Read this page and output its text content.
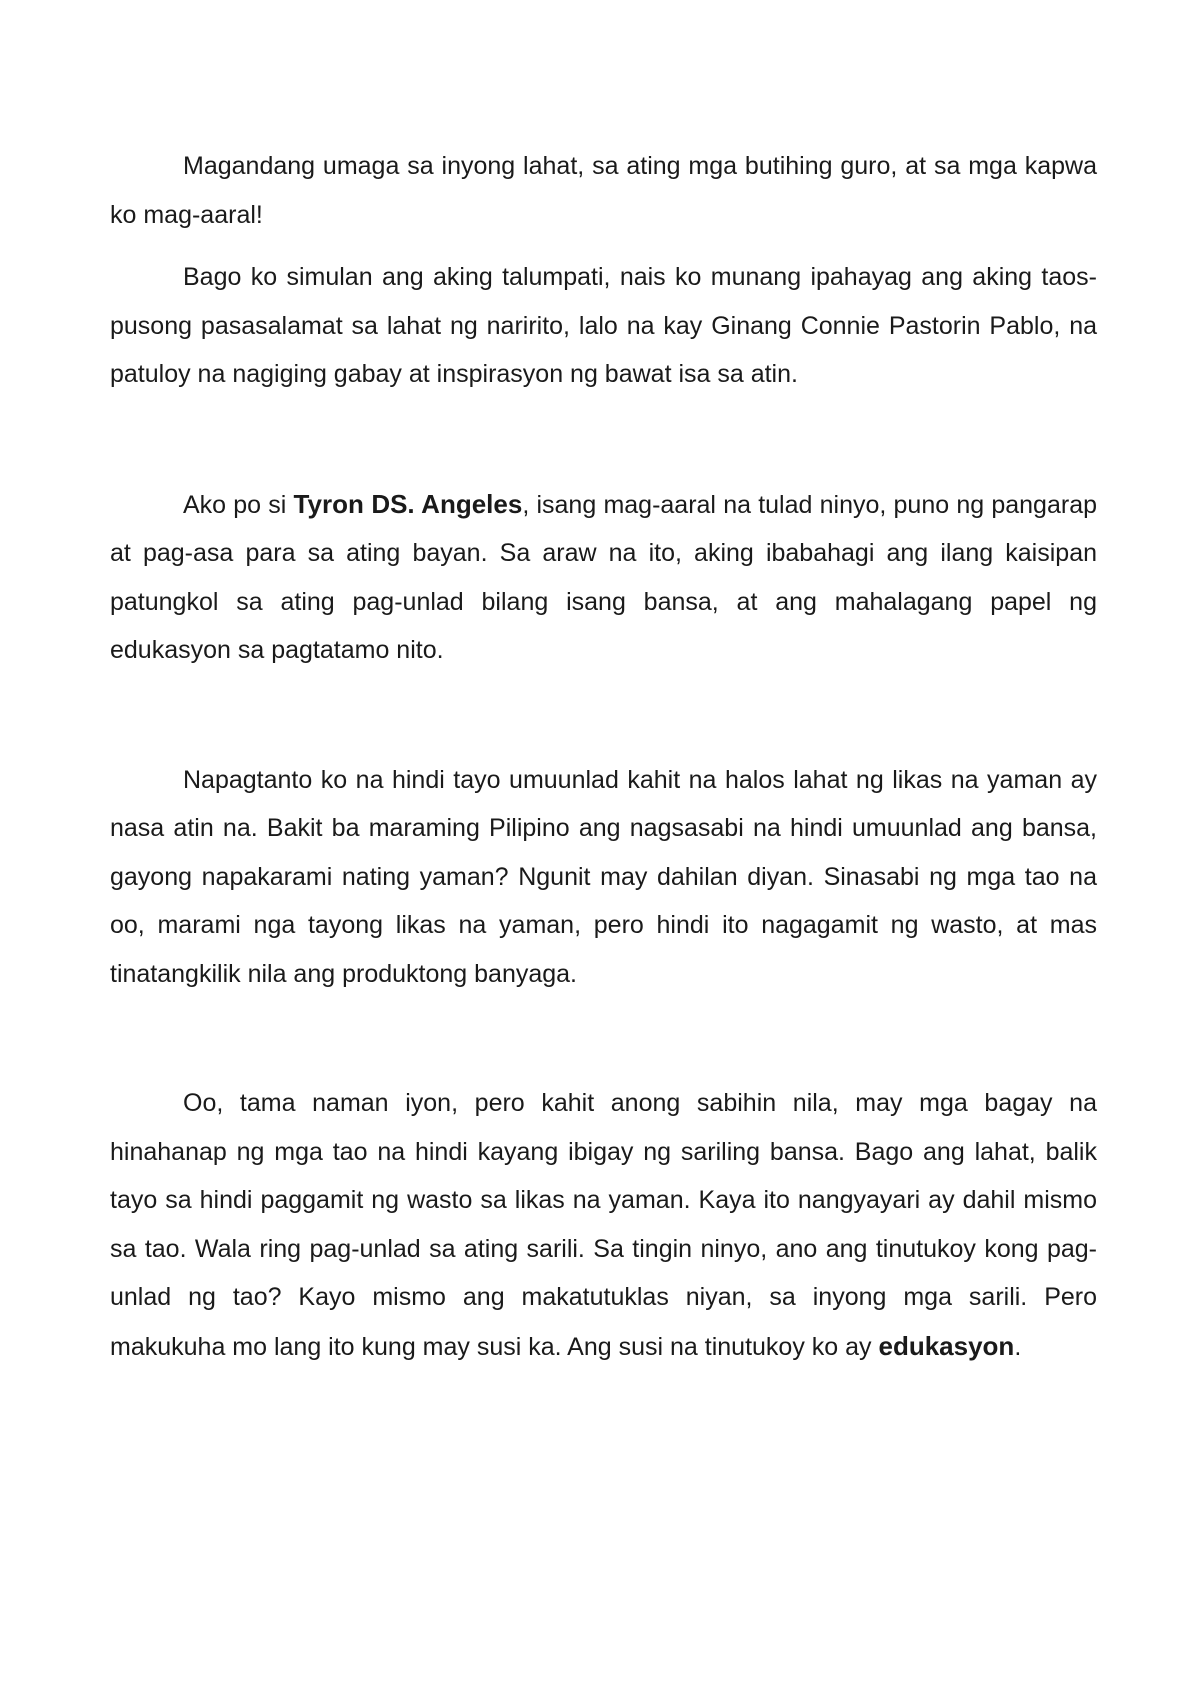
Magandang umaga sa inyong lahat, sa ating mga butihing guro, at sa mga kapwa ko mag-aaral!

Bago ko simulan ang aking talumpati, nais ko munang ipahayag ang aking taos-pusong pasasalamat sa lahat ng naririto, lalo na kay Ginang Connie Pastorin Pablo, na patuloy na nagiging gabay at inspirasyon ng bawat isa sa atin.

Ako po si Tyron DS. Angeles, isang mag-aaral na tulad ninyo, puno ng pangarap at pag-asa para sa ating bayan. Sa araw na ito, aking ibabahagi ang ilang kaisipan patungkol sa ating pag-unlad bilang isang bansa, at ang mahalagang papel ng edukasyon sa pagtatamo nito.

Napagtanto ko na hindi tayo umuunlad kahit na halos lahat ng likas na yaman ay nasa atin na. Bakit ba maraming Pilipino ang nagsasabi na hindi umuunlad ang bansa, gayong napakarami nating yaman? Ngunit may dahilan diyan. Sinasabi ng mga tao na oo, marami nga tayong likas na yaman, pero hindi ito nagagamit ng wasto, at mas tinatangkilik nila ang produktong banyaga.

Oo, tama naman iyon, pero kahit anong sabihin nila, may mga bagay na hinahanap ng mga tao na hindi kayang ibigay ng sariling bansa. Bago ang lahat, balik tayo sa hindi paggamit ng wasto sa likas na yaman. Kaya ito nangyayari ay dahil mismo sa tao. Wala ring pag-unlad sa ating sarili. Sa tingin ninyo, ano ang tinutukoy kong pag-unlad ng tao? Kayo mismo ang makatutuklas niyan, sa inyong mga sarili. Pero makukuha mo lang ito kung may susi ka. Ang susi na tinutukoy ko ay edukasyon.
